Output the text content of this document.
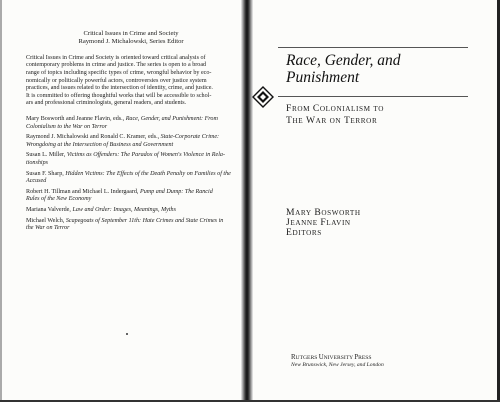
Critical Issues in Crime and Society
Raymond J. Michalowski, Series Editor
Critical Issues in Crime and Society is oriented toward critical analysis of
contemporary problems in crime and justice. The series is open to a broad
range of topics including specific types of crime, wrongful behavior by eco-
nomically or politically powerful actors, controversies over justice system
practices, and issues related to the intersection of identity, crime, and justice.
It is committed to offering thoughtful works that will be accessible to schol-
ars and professional criminologists, general readers, and students.
Mary Bosworth and Jeanne Flavin, eds., Race, Gender, and Punishment: From
Colonialism to the War on Terror
Raymond J. Michalowski and Ronald C. Kramer, eds., State-Corporate Crime:
Wrongdoing at the Intersection of Business and Government
Susan L. Miller, Victims as Offenders: The Paradox of Women's Violence in Rela-
tionships
Susan F. Sharp, Hidden Victims: The Effects of the Death Penalty on Families of the
Accused
Robert H. Tillman and Michael L. Indergaard, Pump and Dump: The Rancid
Rules of the New Economy
Mariana Valverde, Law and Order: Images, Meanings, Myths
Michael Welch, Scapegoats of September 11th: Hate Crimes and State Crimes in
the War on Terror
Race, Gender, and
Punishment
FROM COLONIALISM TO
THE WAR ON TERROR
MARY BOSWORTH
JEANNE FLAVIN
EDITORS
RUTGERS UNIVERSITY PRESS
New Brunswick, New Jersey, and London
